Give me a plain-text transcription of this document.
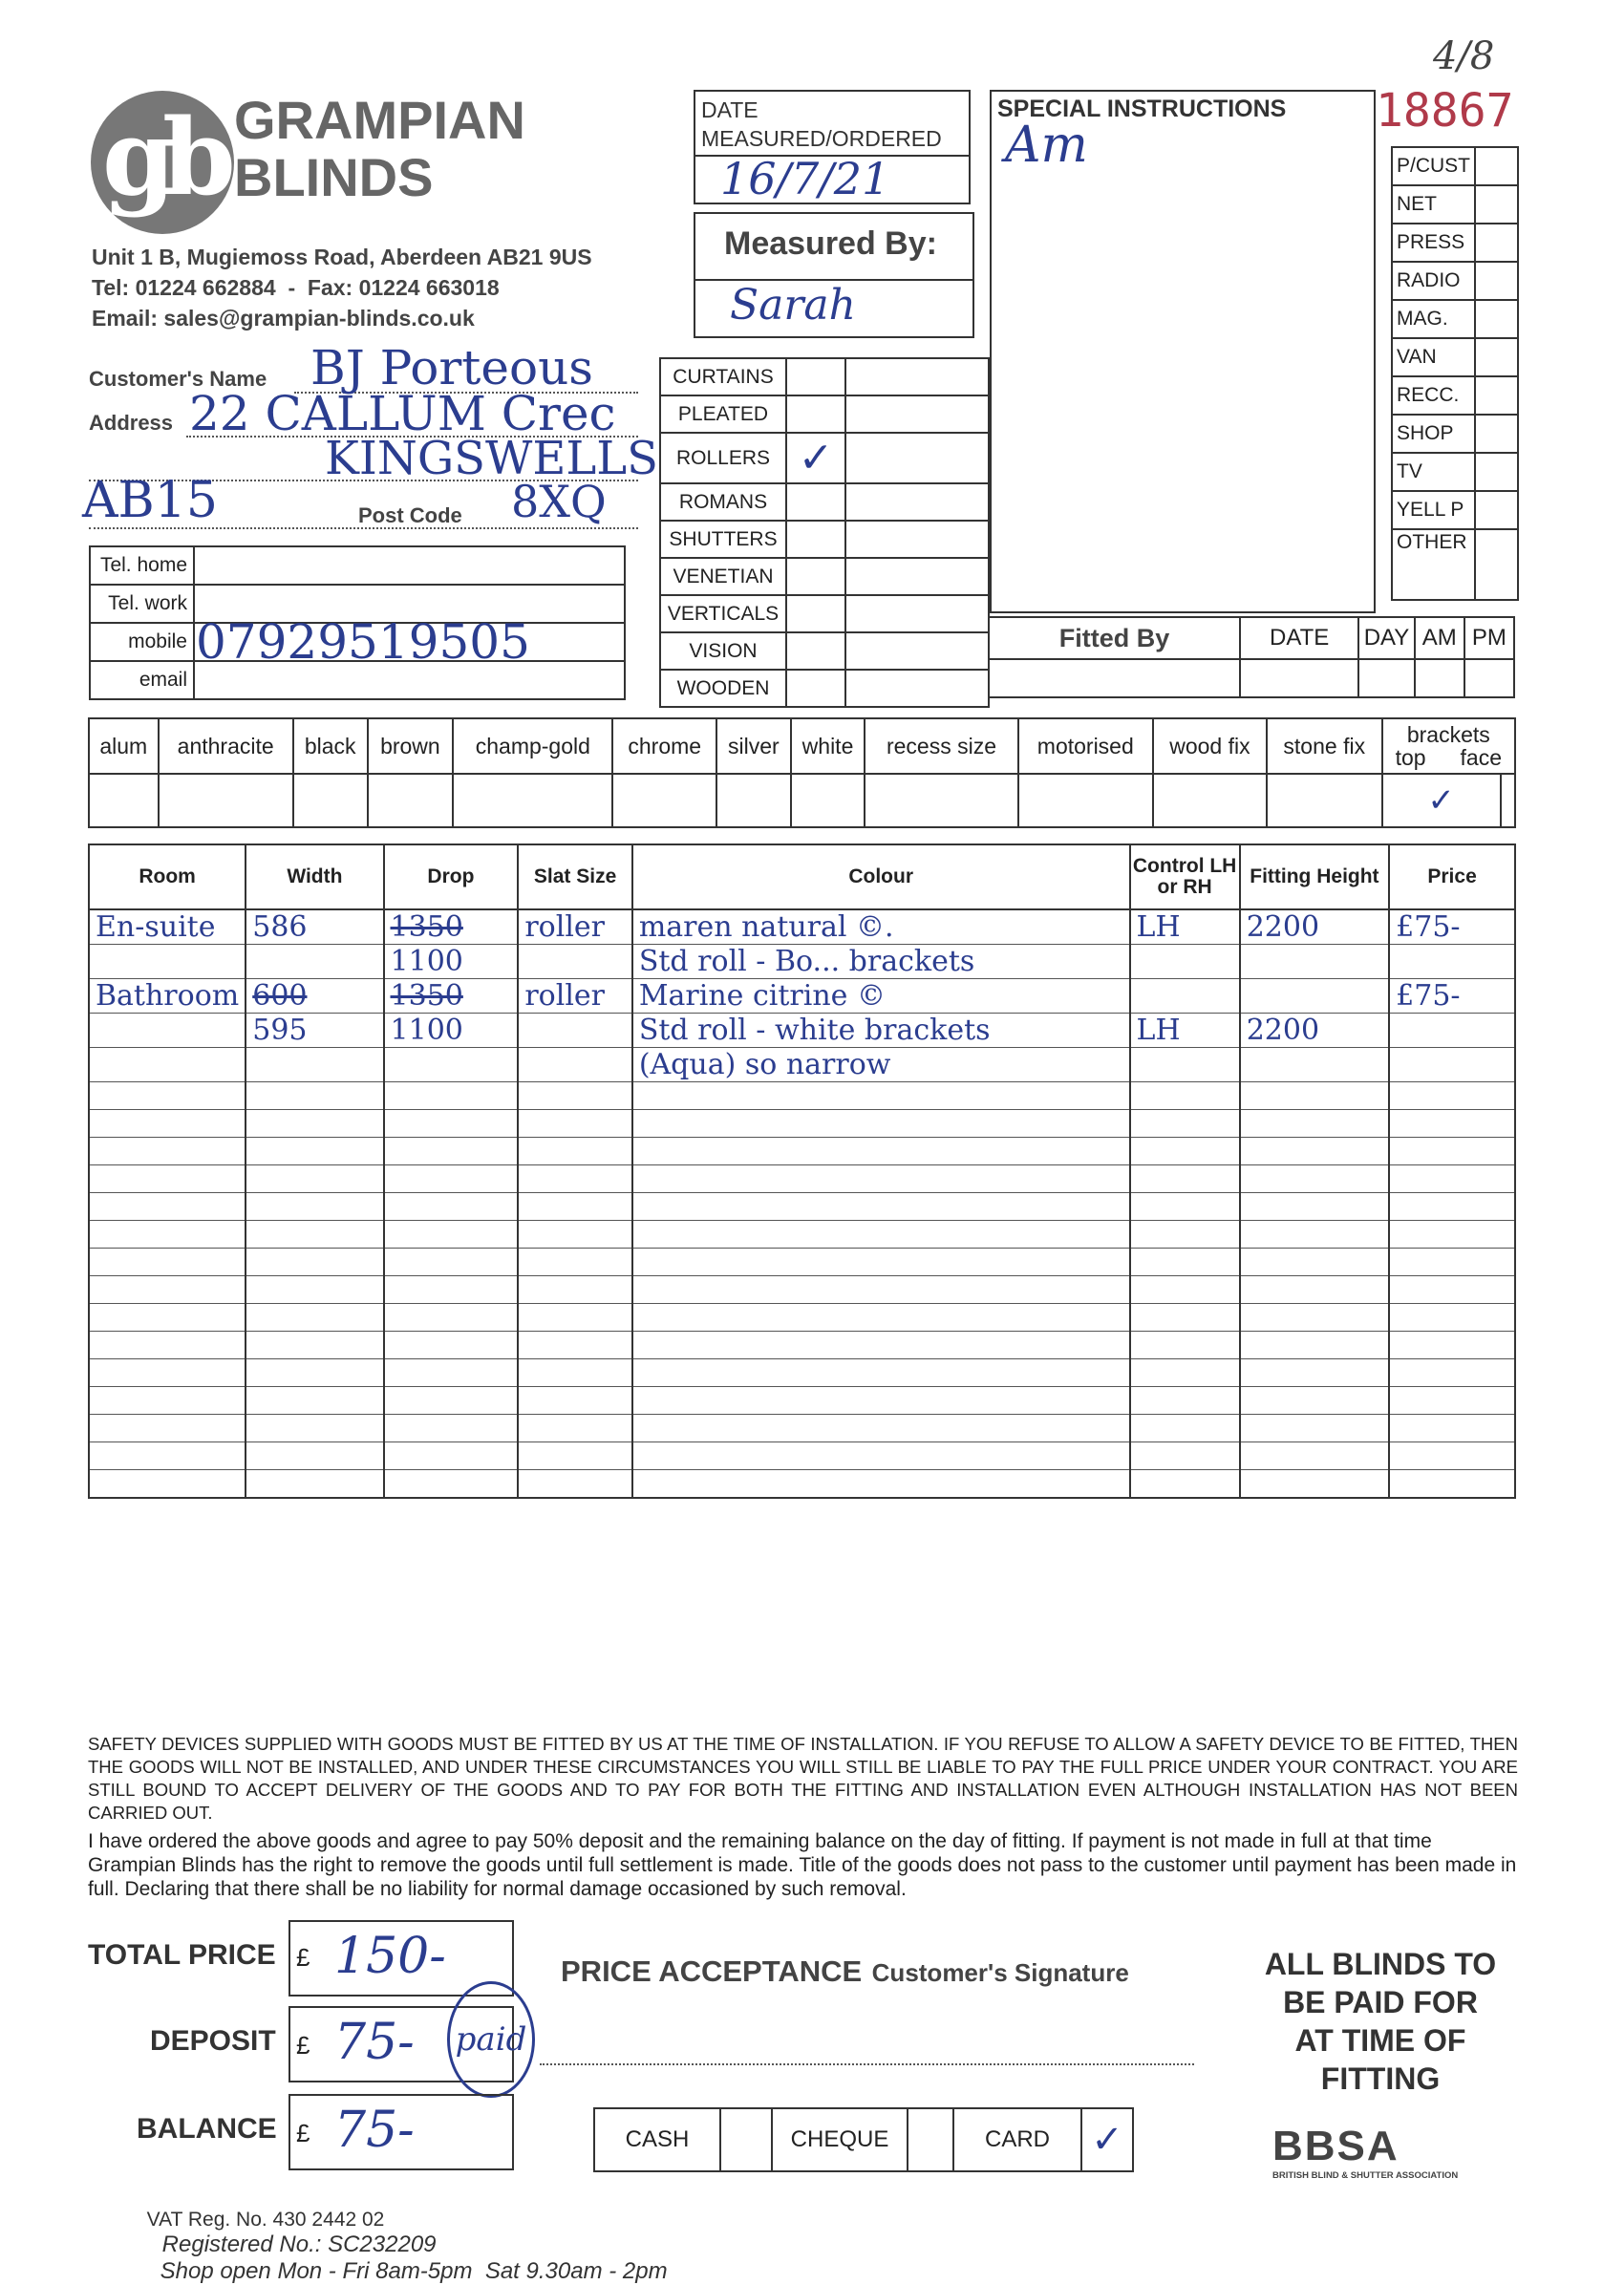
gb GRAMPIAN
BLINDS
Unit 1 B, Mugiemoss Road, Aberdeen AB21 9US
Tel: 01224 662884  -  Fax: 01224 663018
Email: sales@grampian-blinds.co.uk
4/8
18867
DATE
MEASURED/ORDERED
16/7/21
Measured By:
Sarah
SPECIAL INSTRUCTIONS
Am	P/CUST	
NET	
PRESS	
RADIO	
MAG.	
VAN	
RECC.	
SHOP	
TV	
YELL P	
OTHER	
Customer's Name BJ Porteous
Address 22 CALLUM Crec
KINGSWELLS
AB15	Post Code 8XQ
Tel. home	
Tel. work	
mobile	07929519505
email	
CURTAINS		
PLEATED		
ROLLERS	✓	
ROMANS		
SHUTTERS		
VENETIAN		
VERTICALS		
VISION		
WOODEN		
Fitted By	DATE	DAY	AM	PM

alum	anthracite	black	brown	champ-gold	chrome	silver	white	recess size	motorised	wood fix	stone fix	brackets
top face	

												✓	
Room	Width	Drop	Slat Size	Colour	Control LH or RH	Fitting Height	Price
En-suite	586	1350	roller	maren natural ©.	LH	2200	£75-
		1100		Std roll - Bo... brackets			
Bathroom	600	1350	roller	Marine citrine ©			£75-
	595	1100		Std roll - white brackets	LH	2200	
				(Aqua) so narrow			

SAFETY DEVICES SUPPLIED WITH GOODS MUST BE FITTED BY US AT THE TIME OF INSTALLATION. IF YOU REFUSE TO ALLOW A SAFETY DEVICE TO BE FITTED, THEN THE GOODS WILL NOT BE INSTALLED, AND UNDER THESE CIRCUMSTANCES YOU WILL STILL BE LIABLE TO PAY THE FULL PRICE UNDER YOUR CONTRACT. YOU ARE STILL BOUND TO ACCEPT DELIVERY OF THE GOODS AND TO PAY FOR BOTH THE FITTING AND INSTALLATION EVEN ALTHOUGH INSTALLATION HAS NOT BEEN CARRIED OUT.
I have ordered the above goods and agree to pay 50% deposit and the remaining balance on the day of fitting. If payment is not made in full at that time Grampian Blinds has the right to remove the goods until full settlement is made. Title of the goods does not pass to the customer until payment has been made in full. Declaring that there shall be no liability for normal damage occasioned by such removal.
TOTAL PRICE £ 150-
DEPOSIT £ 75- paid
BALANCE £ 75-
PRICE ACCEPTANCE Customer's Signature
CASH		CHEQUE		CARD	✓
ALL BLINDS TO
BE PAID FOR
AT TIME OF
FITTING
BBSA
BRITISH BLIND & SHUTTER ASSOCIATION

VAT Reg. No. 430 2442 02
Registered No.: SC232209
Shop open Mon - Fri 8am-5pm  Sat 9.30am - 2pm
